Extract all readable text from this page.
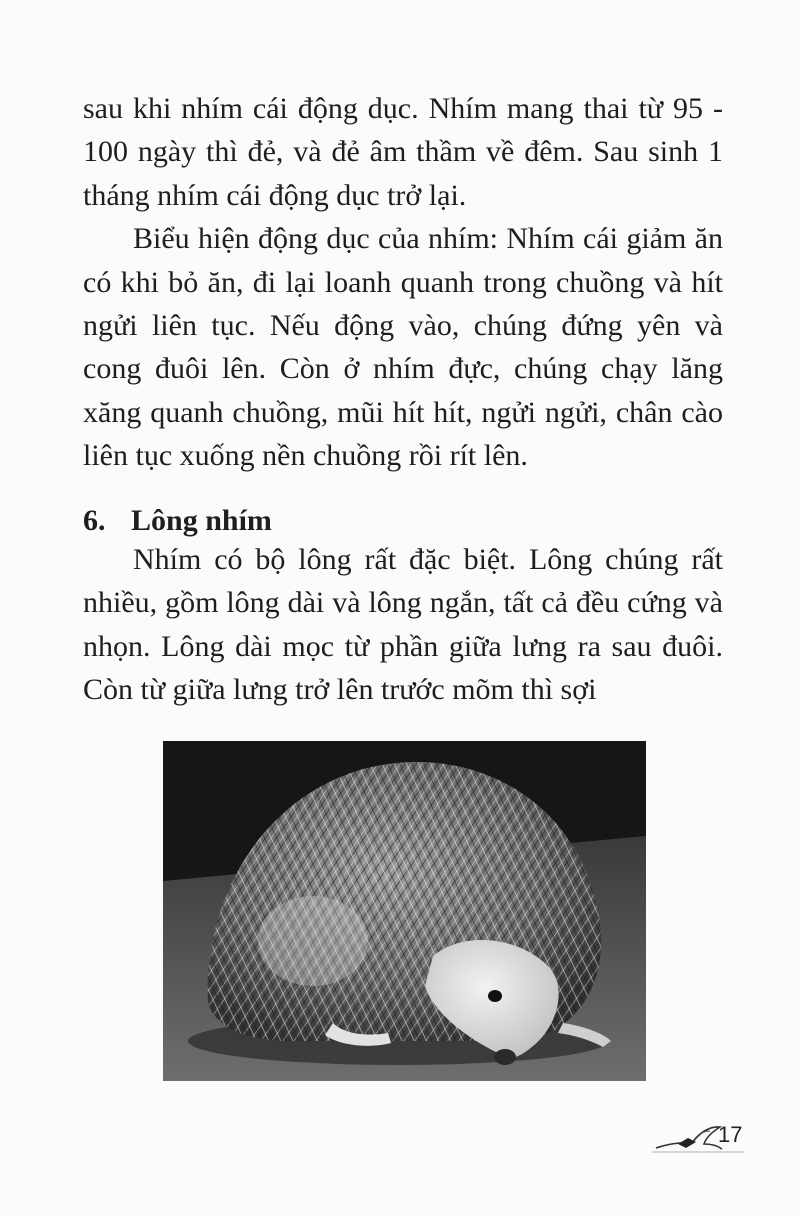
sau khi nhím cái động dục. Nhím mang thai từ 95 - 100 ngày thì đẻ, và đẻ âm thầm về đêm. Sau sinh 1 tháng nhím cái động dục trở lại.

Biểu hiện động dục của nhím: Nhím cái giảm ăn có khi bỏ ăn, đi lại loanh quanh trong chuồng và hít ngửi liên tục. Nếu động vào, chúng đứng yên và cong đuôi lên. Còn ở nhím đực, chúng chạy lăng xăng quanh chuồng, mũi hít hít, ngửi ngửi, chân cào liên tục xuống nền chuồng rồi rít lên.

6. Lông nhím

Nhím có bộ lông rất đặc biệt. Lông chúng rất nhiều, gồm lông dài và lông ngắn, tất cả đều cứng và nhọn. Lông dài mọc từ phần giữa lưng ra sau đuôi. Còn từ giữa lưng trở lên trước mõm thì sợi

17
